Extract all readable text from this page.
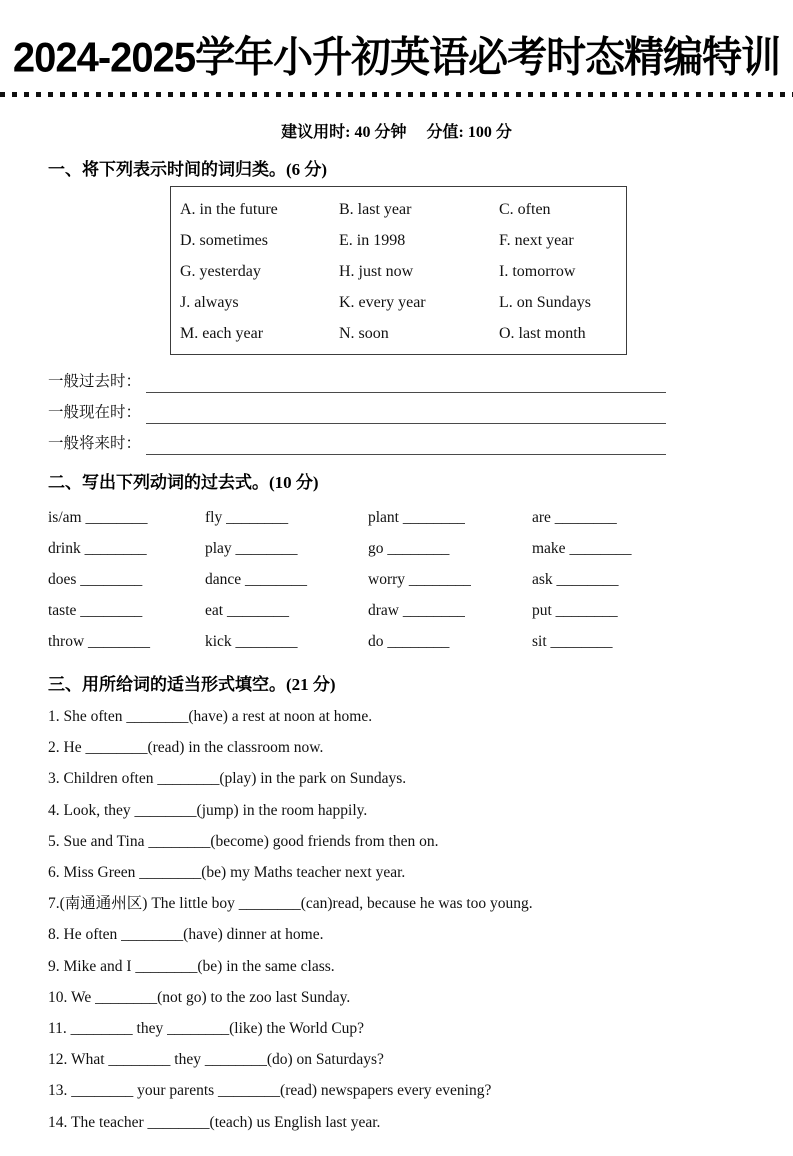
2024-2025学年小升初英语必考时态精编特训
建议用时: 40 分钟 分值: 100 分
一、将下列表示时间的词归类。(6 分)
A. in the future	B. last year	C. often
D. sometimes	E. in 1998	F. next year
G. yesterday	H. just now	I. tomorrow
J. always	K. every year	L. on Sundays
M. each year	N. soon	O. last month
一般过去时：
一般现在时：
一般将来时：
二、写出下列动词的过去式。(10 分)
is/am ________	fly ________	plant ________	are ________
drink ________	play ________	go ________	make ________
does ________	dance ________	worry ________	ask ________
taste ________	eat ________	draw ________	put ________
throw ________	kick ________	do ________	sit ________
三、用所给词的适当形式填空。(21 分)
1. She often ________(have) a rest at noon at home.
2. He ________(read) in the classroom now.
3. Children often ________(play) in the park on Sundays.
4. Look, they ________(jump) in the room happily.
5. Sue and Tina ________(become) good friends from then on.
6. Miss Green ________(be) my Maths teacher next year.
7.(南通通州区) The little boy ________(can)read, because he was too young.
8. He often ________(have) dinner at home.
9. Mike and I ________(be) in the same class.
10. We ________(not go) to the zoo last Sunday.
11. ________ they ________(like) the World Cup?
12. What ________ they ________(do) on Saturdays?
13. ________ your parents ________(read) newspapers every evening?
14. The teacher ________(teach) us English last year.
